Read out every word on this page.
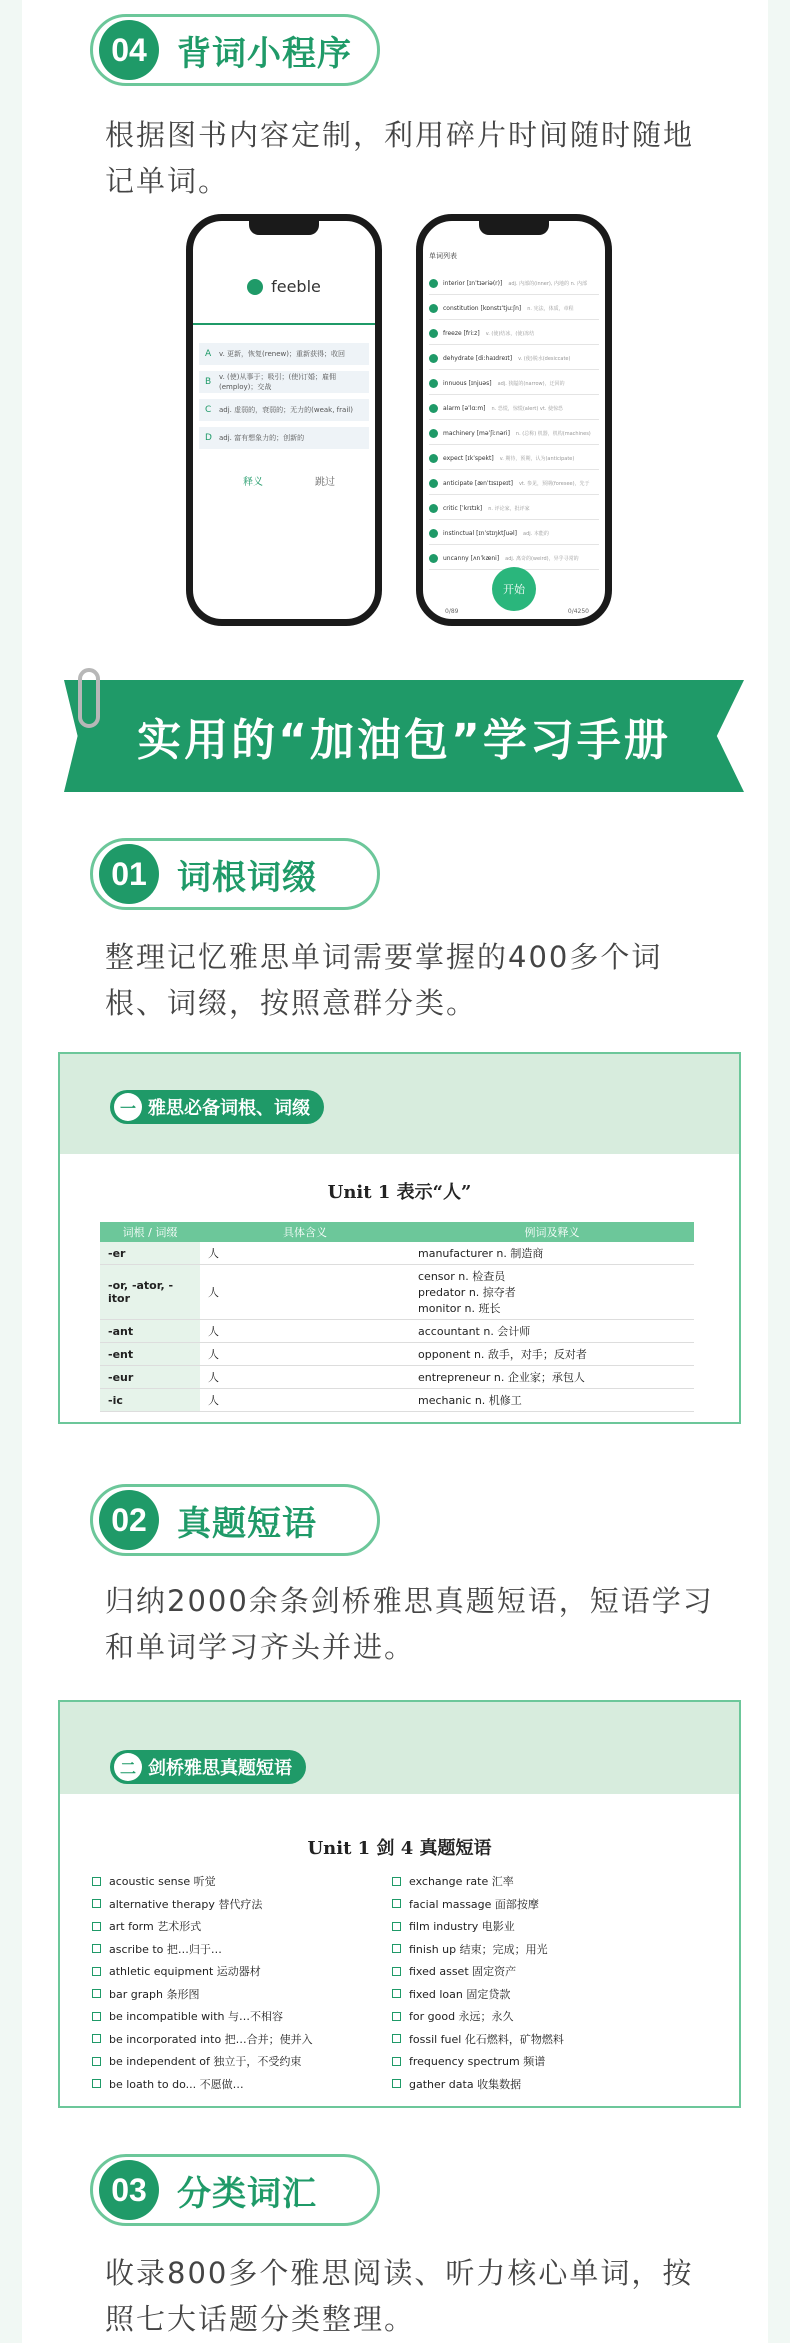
04 背词小程序
根据图书内容定制，利用碎片时间随时随地记单词。
feeble
A v. 更新，恢复(renew)；重新获得；收回
B v. (使)从事于；吸引；(使)订婚；雇佣(employ)；交战
C adj. 虚弱的，衰弱的；无力的(weak, frail)
D adj. 富有想象力的；创新的
释义	跳过
单词列表
interior [ɪnˈtɪəriə(r)] adj. 内部的(inner), 内地的 n. 内部
constitution [kɒnstɪˈtjuːʃn] n. 宪法，体质，章程
freeze [friːz] v. (使)结冰，(使)冻结
dehydrate [diːhaɪdreɪt] v. (使)脱水(desiccate)
innuous [ɪnjuəs] adj. 狭隘的(narrow)，迂回的
alarm [əˈlɑːm] n. 恐慌，惊慌(alert) vt. 使惊恐
machinery [məˈʃiːnəri] n. (总称) 机器，机构(machines)
expect [ɪkˈspekt] v. 期待，预期，认为(anticipate)
anticipate [ænˈtɪsɪpeɪt] vt. 参见，预期(foresee)，先于
critic [ˈkrɪtɪk] n. 评论家，批评家
instinctual [ɪnˈstɪŋktʃuəl] adj. 本能的
uncanny [ʌnˈkæni] adj. 离奇的(weird)，异乎寻常的
开始
0/89	0/4250
实用的“加油包”学习手册
01 词根词缀
整理记忆雅思单词需要掌握的400多个词根、词缀，按照意群分类。
一 雅思必备词根、词缀
Unit 1 表示“人”
词根 / 词缀	具体含义	例词及释义
-er	人	manufacturer n. 制造商

-or, -ator, -itor	人	censor n. 检查员
predator n. 掠夺者
monitor n. 班长

-ant	人	accountant n. 会计师

-ent	人	opponent n. 敌手，对手；反对者

-eur	人	entrepreneur n. 企业家；承包人

-ic	人	mechanic n. 机修工
02 真题短语
归纳2000余条剑桥雅思真题短语，短语学习和单词学习齐头并进。
二 剑桥雅思真题短语
Unit 1 剑 4 真题短语
acoustic sense 听觉
alternative therapy 替代疗法
art form 艺术形式
ascribe to 把…归于…
athletic equipment 运动器材
bar graph 条形图
be incompatible with 与…不相容
be incorporated into 把…合并；使并入
be independent of 独立于，不受约束
be loath to do... 不愿做…
exchange rate 汇率
facial massage 面部按摩
film industry 电影业
finish up 结束；完成；用光
fixed asset 固定资产
fixed loan 固定贷款
for good 永远；永久
fossil fuel 化石燃料，矿物燃料
frequency spectrum 频谱
gather data 收集数据
03 分类词汇
收录800多个雅思阅读、听力核心单词，按照七大话题分类整理。
